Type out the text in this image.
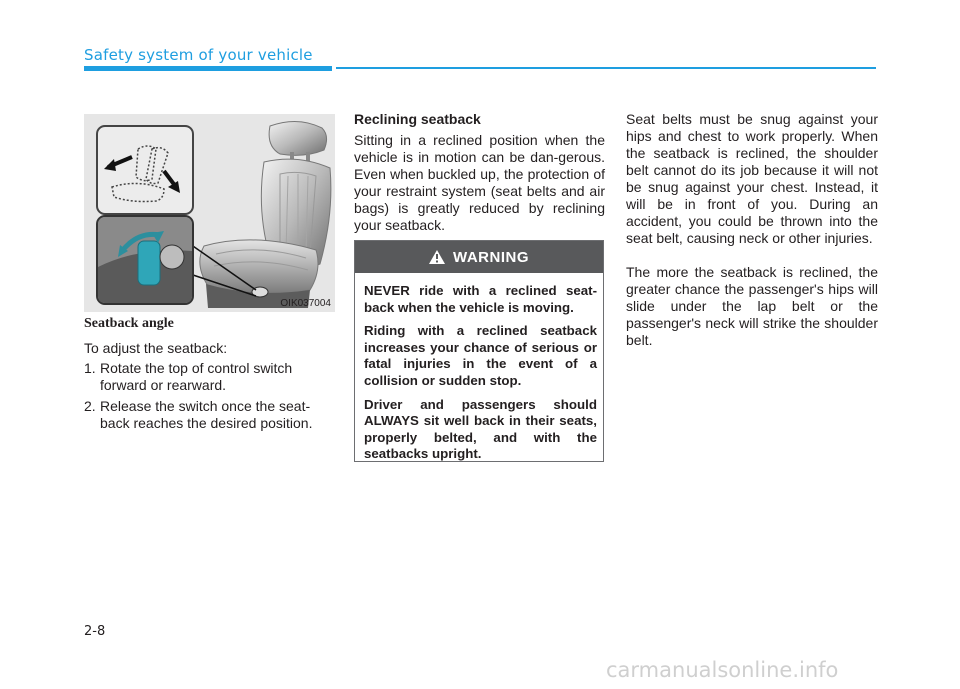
Safety system of your vehicle
OIK037004
Seatback angle

To adjust the seatback:

1. Rotate the top of control switch forward or rearward.
2. Release the switch once the seat-back reaches the desired position.
Reclining seatback

Sitting in a reclined position when the vehicle is in motion can be dan-gerous. Even when buckled up, the protection of your restraint system (seat belts and air bags) is greatly reduced by reclining your seatback.

WARNING

NEVER ride with a reclined seat-back when the vehicle is moving.

Riding with a reclined seatback increases your chance of serious or fatal injuries in the event of a collision or sudden stop.

Driver and passengers should ALWAYS sit well back in their seats, properly belted, and with the seatbacks upright.

Seat belts must be snug against your hips and chest to work properly. When the seatback is reclined, the shoulder belt cannot do its job because it will not be snug against your chest. Instead, it will be in front of you. During an accident, you could be thrown into the seat belt, causing neck or other injuries.

The more the seatback is reclined, the greater chance the passenger's hips will slide under the lap belt or the passenger's neck will strike the shoulder belt.

2-8
carmanualsonline.info
